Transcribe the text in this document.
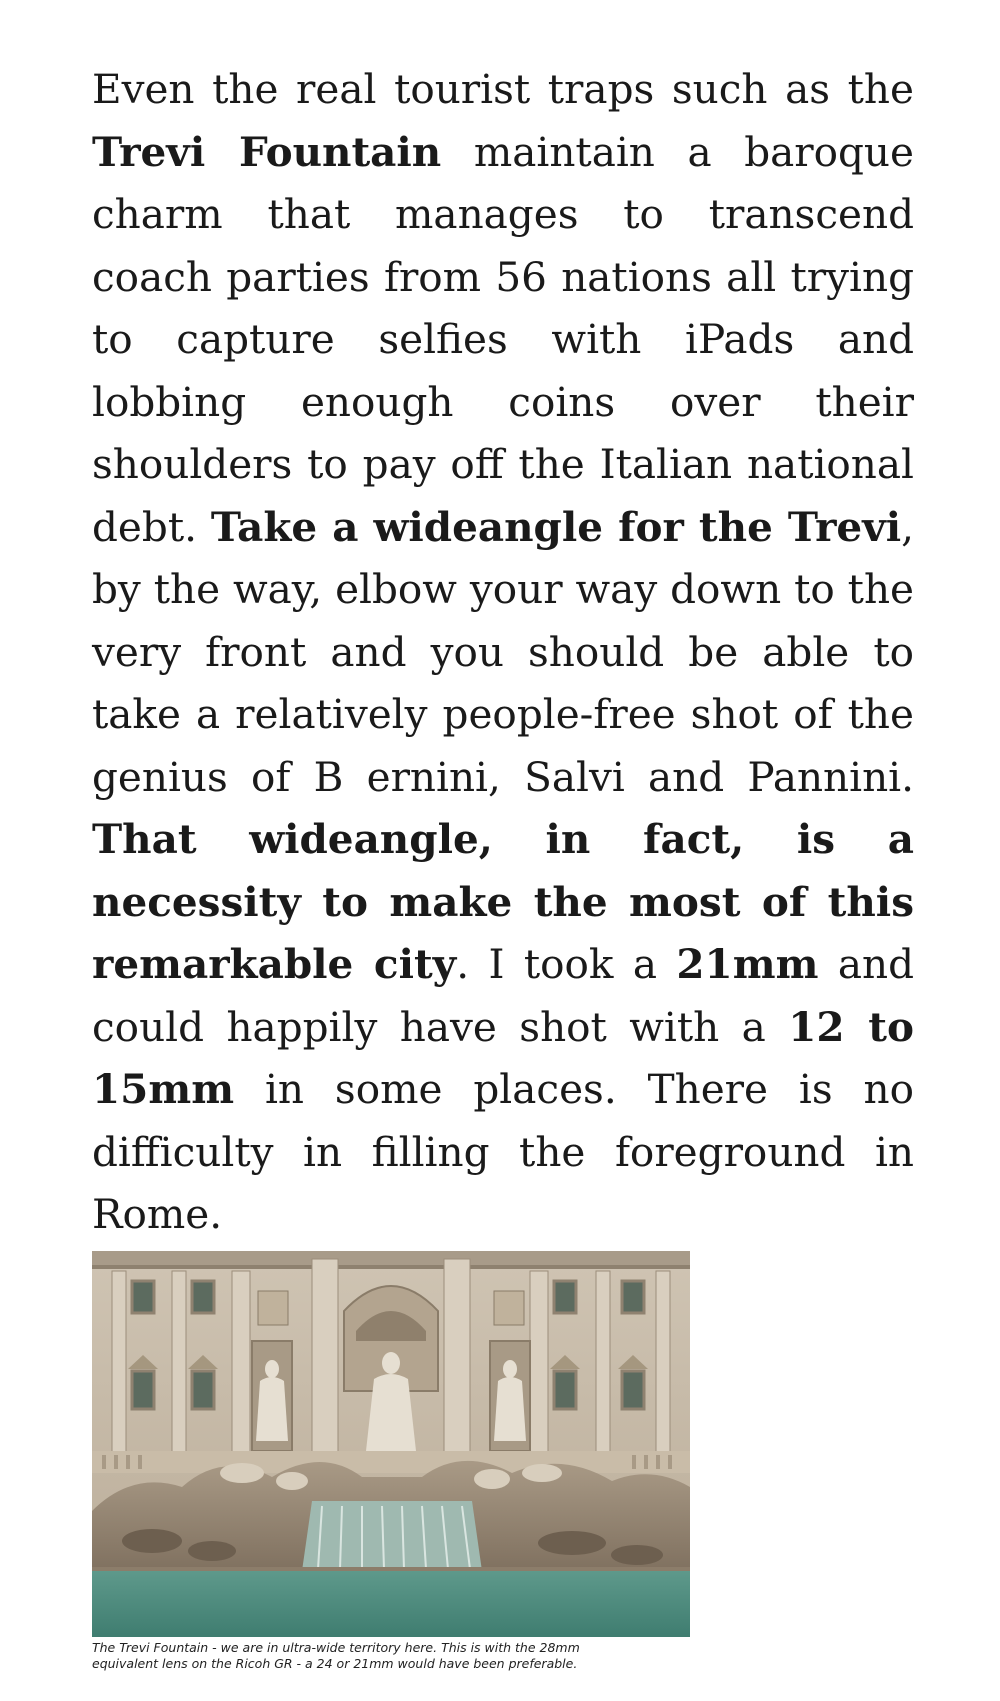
Even the real tourist traps such as the Trevi Fountain maintain a baroque charm that manages to transcend coach parties from 56 nations all trying to capture selfies with iPads and lobbing enough coins over their shoulders to pay off the Italian national debt. Take a wideangle for the Trevi, by the way, elbow your way down to the very front and you should be able to take a relatively people-free shot of the genius of B ernini, Salvi and Pannini. That wideangle, in fact, is a necessity to make the most of this remarkable city. I took a 21mm and could happily have shot with a 12 to 15mm in some places. There is no difficulty in filling the foreground in Rome.

The Trevi Fountain - we are in ultra-wide territory here. This is with the 28mm
equivalent lens on the Ricoh GR - a 24 or 21mm would have been preferable.
